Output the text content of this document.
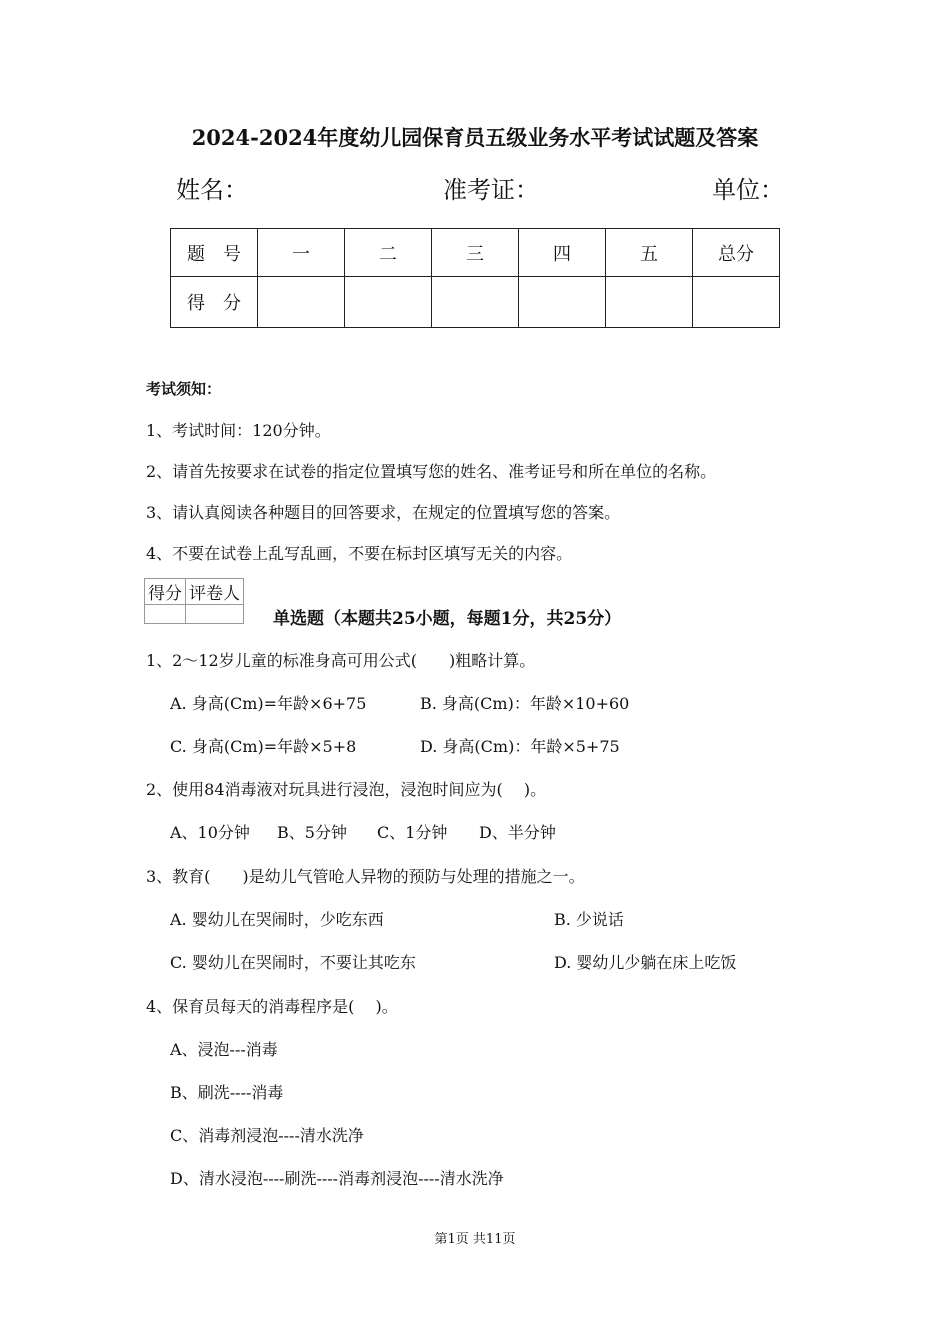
2024-2024年度幼儿园保育员五级业务水平考试试题及答案
姓名：	准考证：	单位：
题　号	一	二	三	四	五	总分
得　分						
考试须知：
1、考试时间：120分钟。
2、请首先按要求在试卷的指定位置填写您的姓名、准考证号和所在单位的名称。
3、请认真阅读各种题目的回答要求，在规定的位置填写您的答案。
4、不要在试卷上乱写乱画，不要在标封区填写无关的内容。
得分	评卷人

单选题（本题共25小题，每题1分，共25分）
1、2～12岁儿童的标准身高可用公式(　　)粗略计算。
A. 身高(Cm)=年龄×6+75	B. 身高(Cm)：年龄×10+60
C. 身高(Cm)=年龄×5+8	D. 身高(Cm)：年龄×5+75
2、使用84消毒液对玩具进行浸泡，浸泡时间应为(　 )。
A、10分钟 B、5分钟 C、1分钟 D、半分钟
3、教育(　　)是幼儿气管呛人异物的预防与处理的措施之一。
A. 婴幼儿在哭闹时，少吃东西	B. 少说话
C. 婴幼儿在哭闹时，不要让其吃东	D. 婴幼儿少躺在床上吃饭
4、保育员每天的消毒程序是(　 )。
A、浸泡---消毒
B、刷洗----消毒
C、消毒剂浸泡----清水洗净
D、清水浸泡----刷洗----消毒剂浸泡----清水洗净
第1页 共11页
